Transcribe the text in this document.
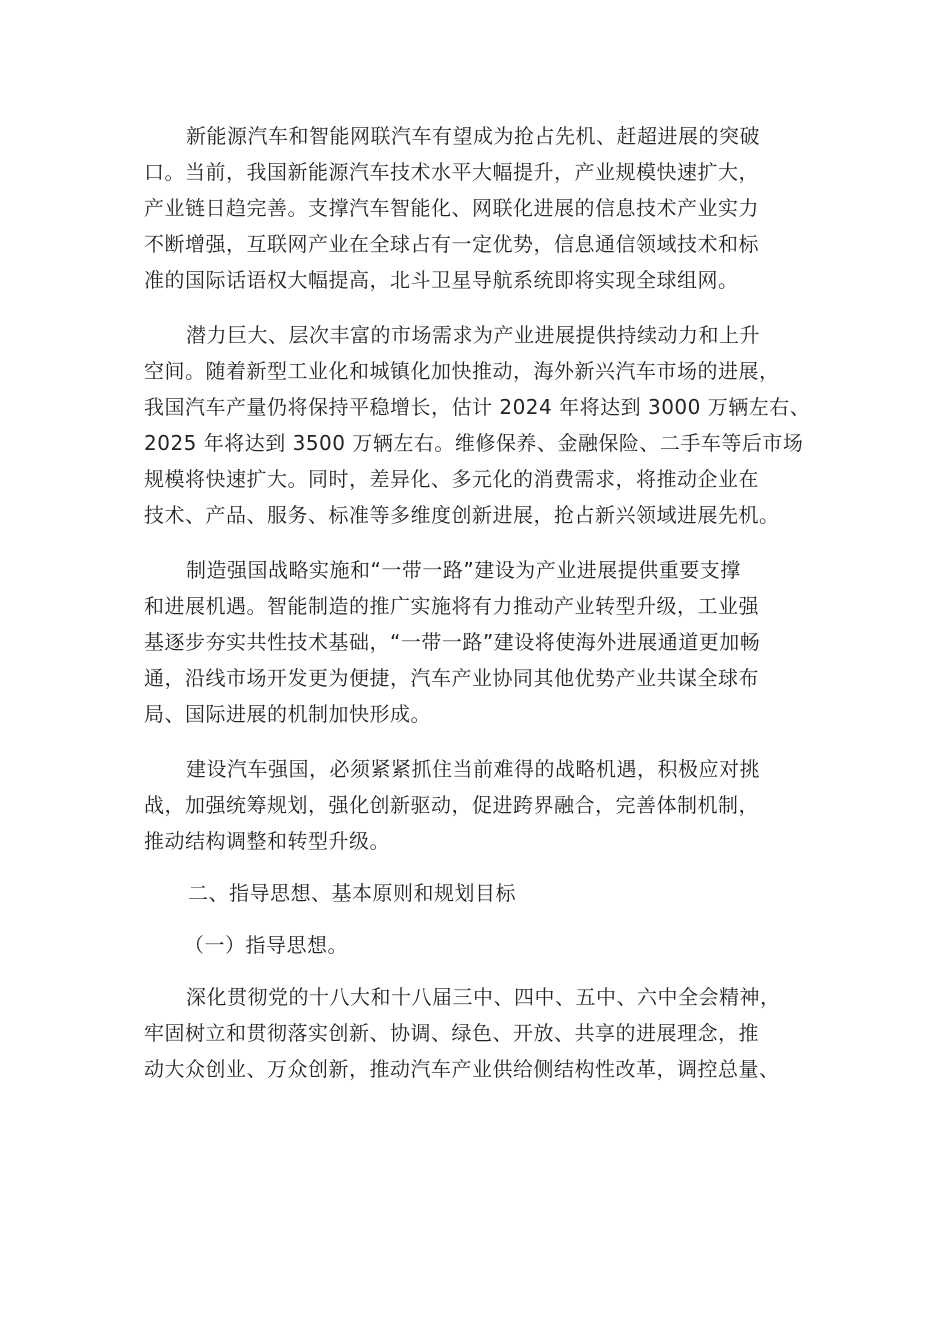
新能源汽车和智能网联汽车有望成为抢占先机、赶超进展的突破
口。当前，我国新能源汽车技术水平大幅提升，产业规模快速扩大，
产业链日趋完善。支撑汽车智能化、网联化进展的信息技术产业实力
不断增强，互联网产业在全球占有一定优势，信息通信领域技术和标
准的国际话语权大幅提高，北斗卫星导航系统即将实现全球组网。

潜力巨大、层次丰富的市场需求为产业进展提供持续动力和上升
空间。随着新型工业化和城镇化加快推动，海外新兴汽车市场的进展，
我国汽车产量仍将保持平稳增长，估计 2024 年将达到 3000 万辆左右、
2025 年将达到 3500 万辆左右。维修保养、金融保险、二手车等后市场
规模将快速扩大。同时，差异化、多元化的消费需求，将推动企业在
技术、产品、服务、标准等多维度创新进展，抢占新兴领域进展先机。

制造强国战略实施和“一带一路”建设为产业进展提供重要支撑
和进展机遇。智能制造的推广实施将有力推动产业转型升级，工业强
基逐步夯实共性技术基础，“一带一路”建设将使海外进展通道更加畅
通，沿线市场开发更为便捷，汽车产业协同其他优势产业共谋全球布
局、国际进展的机制加快形成。

建设汽车强国，必须紧紧抓住当前难得的战略机遇，积极应对挑
战，加强统筹规划，强化创新驱动，促进跨界融合，完善体制机制，
推动结构调整和转型升级。

二、指导思想、基本原则和规划目标

（一）指导思想。

深化贯彻党的十八大和十八届三中、四中、五中、六中全会精神，
牢固树立和贯彻落实创新、协调、绿色、开放、共享的进展理念，推
动大众创业、万众创新，推动汽车产业供给侧结构性改革，调控总量、
